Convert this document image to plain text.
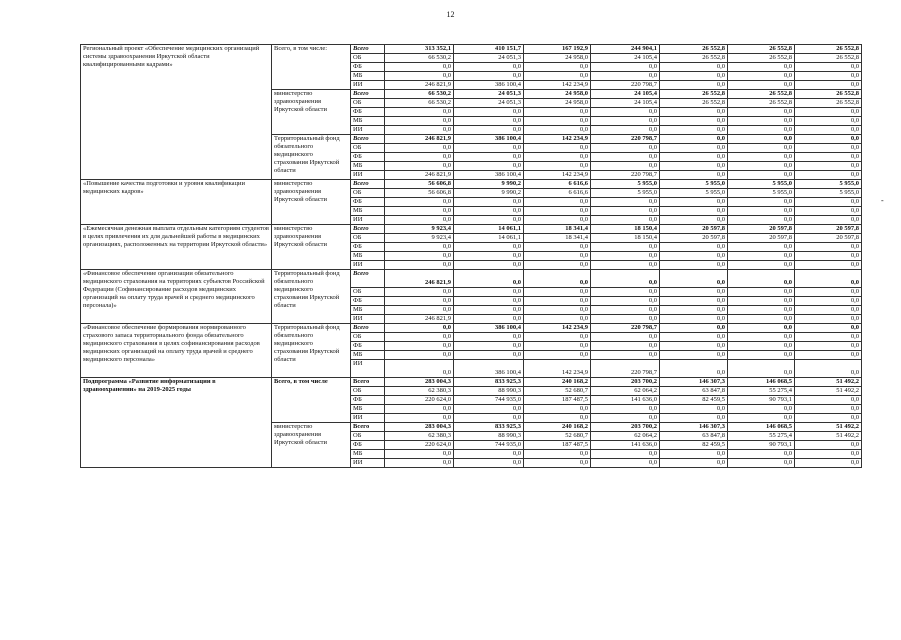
12
-
Региональный проект «Обеспечение медицинских организаций системы здравоохранения Иркутской области квалифицированными кадрами»	Всего, в том числе:	Всего	313 352,1	410 151,7	167 192,9	244 904,1	26 552,8	26 552,8	26 552,8
		ОБ	66 530,2	24 051,3	24 958,0	24 105,4	26 552,8	26 552,8	26 552,8
		ФБ	0,0	0,0	0,0	0,0	0,0	0,0	0,0
		МБ	0,0	0,0	0,0	0,0	0,0	0,0	0,0
		ИИ	246 821,9	386 100,4	142 234,9	220 798,7	0,0	0,0	0,0
	министерство здравоохранения Иркутской области	Всего	66 530,2	24 051,3	24 958,0	24 105,4	26 552,8	26 552,8	26 552,8
		ОБ	66 530,2	24 051,3	24 958,0	24 105,4	26 552,8	26 552,8	26 552,8
		ФБ	0,0	0,0	0,0	0,0	0,0	0,0	0,0
		МБ	0,0	0,0	0,0	0,0	0,0	0,0	0,0
		ИИ	0,0	0,0	0,0	0,0	0,0	0,0	0,0
	Территориальный фонд обязательного медицинского страхования Иркутской области	Всего	246 821,9	386 100,4	142 234,9	220 798,7	0,0	0,0	0,0
		ОБ	0,0	0,0	0,0	0,0	0,0	0,0	0,0
		ФБ	0,0	0,0	0,0	0,0	0,0	0,0	0,0
		МБ	0,0	0,0	0,0	0,0	0,0	0,0	0,0
		ИИ	246 821,9	386 100,4	142 234,9	220 798,7	0,0	0,0	0,0
«Повышение качества подготовки и уровня квалификации медицинских кадров»	министерство здравоохранения Иркутской области	Всего	56 606,8	9 990,2	6 616,6	5 955,0	5 955,0	5 955,0	5 955,0
		ОБ	56 606,8	9 990,2	6 616,6	5 955,0	5 955,0	5 955,0	5 955,0
		ФБ	0,0	0,0	0,0	0,0	0,0	0,0	0,0
		МБ	0,0	0,0	0,0	0,0	0,0	0,0	0,0
		ИИ	0,0	0,0	0,0	0,0	0,0	0,0	0,0
«Ежемесячная денежная выплата отдельным категориям студентов в целях привлечения их для дальнейшей работы в медицинских организациях, расположенных на территории Иркутской области»	министерство здравоохранения Иркутской области	Всего	9 923,4	14 061,1	18 341,4	18 150,4	20 597,8	20 597,8	20 597,8
		ОБ	9 923,4	14 061,1	18 341,4	18 150,4	20 597,8	20 597,8	20 597,8
		ФБ	0,0	0,0	0,0	0,0	0,0	0,0	0,0
		МБ	0,0	0,0	0,0	0,0	0,0	0,0	0,0
		ИИ	0,0	0,0	0,0	0,0	0,0	0,0	0,0
«Финансовое обеспечение организации обязательного медицинского страхования на территориях субъектов Российской Федерации (Софинансирование расходов медицинских организаций на оплату труда врачей и среднего медицинского персонала)»	Территориальный фонд обязательного медицинского страхования Иркутской области	Всего	246 821,9	0,0	0,0	0,0	0,0	0,0	0,0
		ОБ	0,0	0,0	0,0	0,0	0,0	0,0	0,0
		ФБ	0,0	0,0	0,0	0,0	0,0	0,0	0,0
		МБ	0,0	0,0	0,0	0,0	0,0	0,0	0,0
		ИИ	246 821,9	0,0	0,0	0,0	0,0	0,0	0,0
«Финансовое обеспечение формирования нормированного страхового запаса территориального фонда обязательного медицинского страхования в целях софинансирования расходов медицинских организаций на оплату труда врачей и среднего медицинского персонала»	Территориальный фонд обязательного медицинского страхования Иркутской области	Всего	0,0	386 100,4	142 234,9	220 798,7	0,0	0,0	0,0
		ОБ	0,0	0,0	0,0	0,0	0,0	0,0	0,0
		ФБ	0,0	0,0	0,0	0,0	0,0	0,0	0,0
		МБ	0,0	0,0	0,0	0,0	0,0	0,0	0,0
		ИИ	0,0	386 100,4	142 234,9	220 798,7	0,0	0,0	0,0
Подпрограмма «Развитие информатизации в здравоохранении» на 2019-2025 годы	Всего, в том числе	Всего	283 004,3	833 925,3	240 168,2	203 700,2	146 307,3	146 068,5	51 492,2
		ОБ	62 380,3	88 990,3	52 680,7	62 064,2	63 847,8	55 275,4	51 492,2
		ФБ	220 624,0	744 935,0	187 487,5	141 636,0	82 459,5	90 793,1	0,0
		МБ	0,0	0,0	0,0	0,0	0,0	0,0	0,0
		ИИ	0,0	0,0	0,0	0,0	0,0	0,0	0,0
	министерство здравоохранения Иркутской области	Всего	283 004,3	833 925,3	240 168,2	203 700,2	146 307,3	146 068,5	51 492,2
		ОБ	62 380,3	88 990,3	52 680,7	62 064,2	63 847,8	55 275,4	51 492,2
		ФБ	220 624,0	744 935,0	187 487,5	141 636,0	82 459,5	90 793,1	0,0
		МБ	0,0	0,0	0,0	0,0	0,0	0,0	0,0
		ИИ	0,0	0,0	0,0	0,0	0,0	0,0	0,0
